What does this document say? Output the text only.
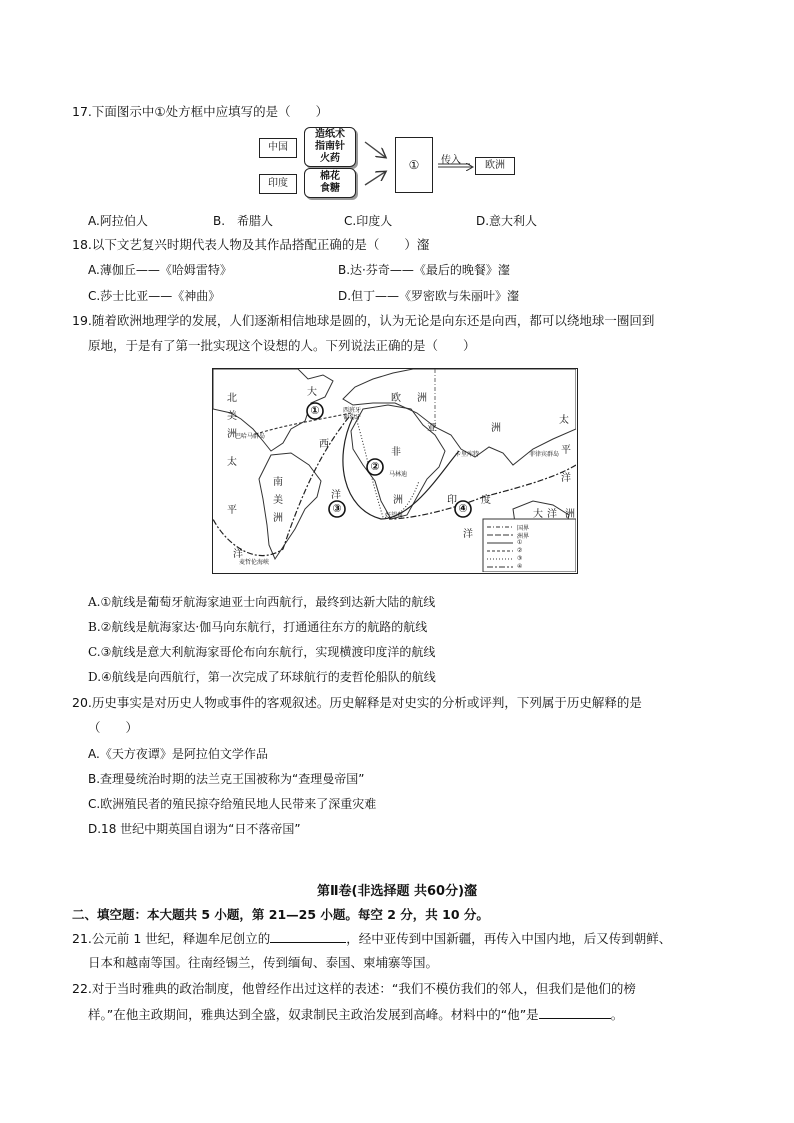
17.下面图示中①处方框中应填写的是（　　）
中国
造纸术
指南针
火药
印度
棉花
食糖
①	欧洲
传入
A.阿拉伯人	B.　希腊人	C.印度人	D.意大利人
18.以下文艺复兴时期代表人物及其作品搭配正确的是（　　）瀣
A.薄伽丘——《哈姆雷特》	B.达·芬奇——《最后的晚餐》瀣
C.莎士比亚——《神曲》	D.但丁——《罗密欧与朱丽叶》瀣
19.随着欧洲地理学的发展，人们逐渐相信地球是圆的，认为无论是向东还是向西，都可以绕地球一圈回到
原地，于是有了第一批实现这个设想的人。下列说法正确的是（　　）
北
美
洲
大
西
洋
欧 洲
亚	洲
非
洲
南
美
洲
太
平
洋
印 度
洋
太
平
大 洋 洲
洋
西班牙
葡萄牙
巴哈马群岛
卡里库特
马林迪
好望角
麦哲伦海峡
菲律宾群岛
①
②
③	④
国界
洲界
①
②
③
④
A.①航线是葡萄牙航海家迪亚士向西航行，最终到达新大陆的航线
B.②航线是航海家达·伽马向东航行，打通通往东方的航路的航线
C.③航线是意大利航海家哥伦布向东航行，实现横渡印度洋的航线
D.④航线是向西航行，第一次完成了环球航行的麦哲伦船队的航线
20.历史事实是对历史人物或事件的客观叙述。历史解释是对史实的分析或评判，下列属于历史解释的是
（　　）
A.《天方夜谭》是阿拉伯文学作品
B.查理曼统治时期的法兰克王国被称为“查理曼帝国”
C.欧洲殖民者的殖民掠夺给殖民地人民带来了深重灾难
D.18 世纪中期英国自诩为“日不落帝国”
第Ⅱ卷(非选择题 共60分)瀣
二、填空题：本大题共 5 小题，第 21—25 小题。每空 2 分，共 10 分。
21.公元前 1 世纪，释迦牟尼创立的	，经中亚传到中国新疆，再传入中国内地，后又传到朝鲜、
日本和越南等国。往南经锡兰，传到缅甸、泰国、柬埔寨等国。
22.对于当时雅典的政治制度，他曾经作出过这样的表述：“我们不模仿我们的邻人，但我们是他们的榜
样。”在他主政期间，雅典达到全盛，奴隶制民主政治发展到高峰。材料中的“他”是	。
